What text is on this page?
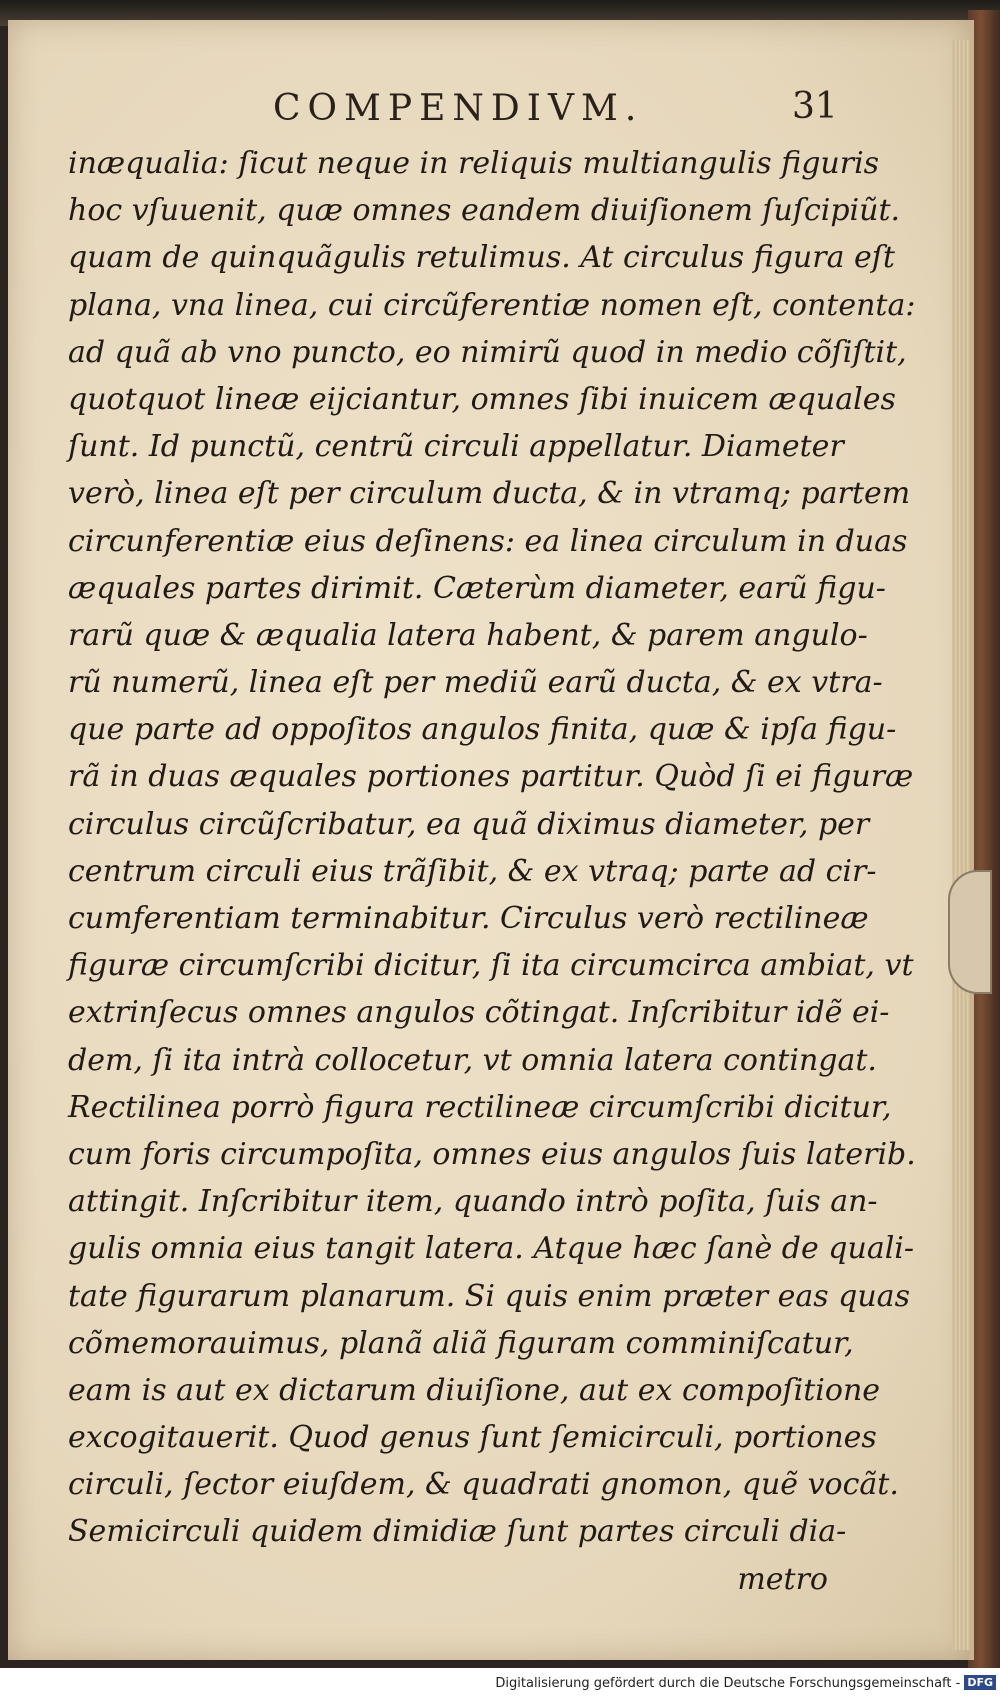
COMPENDIVM.	31
inæqualia: ſicut neque in reliquis multiangulis figuris
hoc vſuuenit, quæ omnes eandem diuiſionem ſuſcipiũt.
quam de quinquãgulis retulimus. At circulus figura eſt
plana, vna linea, cui circũferentiæ nomen eſt, contenta:
ad quã ab vno puncto, eo nimirũ quod in medio cõſiſtit,
quotquot lineæ eijciantur, omnes ſibi inuicem æquales
ſunt. Id punctũ, centrũ circuli appellatur. Diameter
verò, linea eſt per circulum ducta, & in vtramq; partem
circunferentiæ eius deſinens: ea linea circulum in duas
æquales partes dirimit. Cæterùm diameter, earũ figu-
rarũ quæ & æqualia latera habent, & parem angulo-
rũ numerũ, linea eſt per mediũ earũ ducta, & ex vtra-
que parte ad oppoſitos angulos finita, quæ & ipſa figu-
rã in duas æquales portiones partitur. Quòd ſi ei figuræ
circulus circũſcribatur, ea quã diximus diameter, per
centrum circuli eius trãſibit, & ex vtraq; parte ad cir-
cumferentiam terminabitur. Circulus verò rectilineæ
figuræ circumſcribi dicitur, ſi ita circumcirca ambiat, vt
extrinſecus omnes angulos cõtingat. Inſcribitur idẽ ei-
dem, ſi ita intrà collocetur, vt omnia latera contingat.
Rectilinea porrò figura rectilineæ circumſcribi dicitur,
cum foris circumpoſita, omnes eius angulos ſuis laterib.
attingit. Inſcribitur item, quando intrò poſita, ſuis an-
gulis omnia eius tangit latera. Atque hæc ſanè de quali-
tate figurarum planarum. Si quis enim præter eas quas
cõmemorauimus, planã aliã figuram comminiſcatur,
eam is aut ex dictarum diuiſione, aut ex compoſitione
excogitauerit. Quod genus ſunt ſemicirculi, portiones
circuli, ſector eiuſdem, & quadrati gnomon, quẽ vocãt.
Semicirculi quidem dimidiæ ſunt partes circuli dia-
metro
Digitalisierung gefördert durch die Deutsche Forschungsgemeinschaft - DFG
